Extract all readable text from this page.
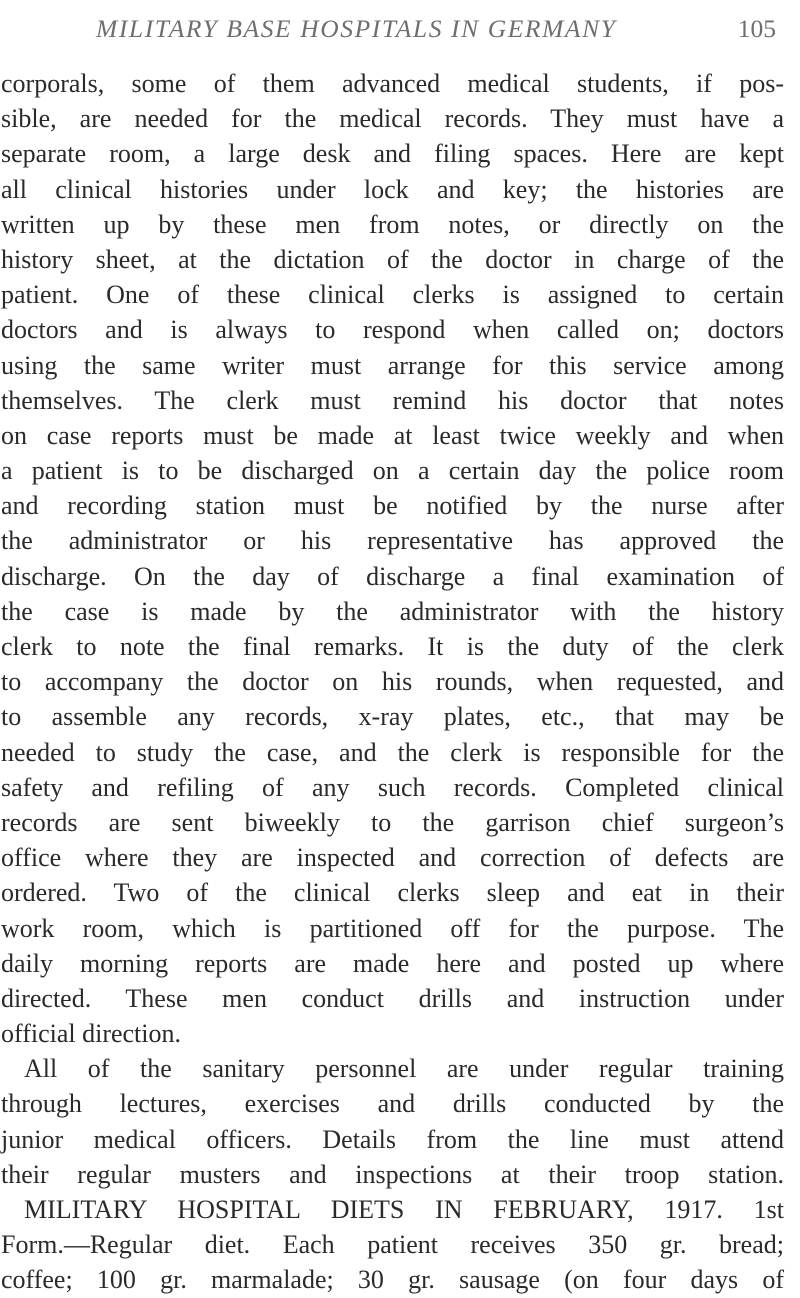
MILITARY BASE HOSPITALS IN GERMANY	105
corporals, some of them advanced medical students, if pos-
sible, are needed for the medical records. They must have a
separate room, a large desk and filing spaces. Here are kept
all clinical histories under lock and key; the histories are
written up by these men from notes, or directly on the
history sheet, at the dictation of the doctor in charge of the
patient. One of these clinical clerks is assigned to certain
doctors and is always to respond when called on; doctors
using the same writer must arrange for this service among
themselves. The clerk must remind his doctor that notes
on case reports must be made at least twice weekly and when
a patient is to be discharged on a certain day the police room
and recording station must be notified by the nurse after
the administrator or his representative has approved the
discharge. On the day of discharge a final examination of
the case is made by the administrator with the history
clerk to note the final remarks. It is the duty of the clerk
to accompany the doctor on his rounds, when requested, and
to assemble any records, x-ray plates, etc., that may be
needed to study the case, and the clerk is responsible for the
safety and refiling of any such records. Completed clinical
records are sent biweekly to the garrison chief surgeon’s
office where they are inspected and correction of defects are
ordered. Two of the clinical clerks sleep and eat in their
work room, which is partitioned off for the purpose. The
daily morning reports are made here and posted up where
directed. These men conduct drills and instruction under
official direction.
All of the sanitary personnel are under regular training
through lectures, exercises and drills conducted by the
junior medical officers. Details from the line must attend
their regular musters and inspections at their troop station.
MILITARY HOSPITAL DIETS IN FEBRUARY, 1917. 1st
Form.—Regular diet. Each patient receives 350 gr. bread;
coffee; 100 gr. marmalade; 30 gr. sausage (on four days of
